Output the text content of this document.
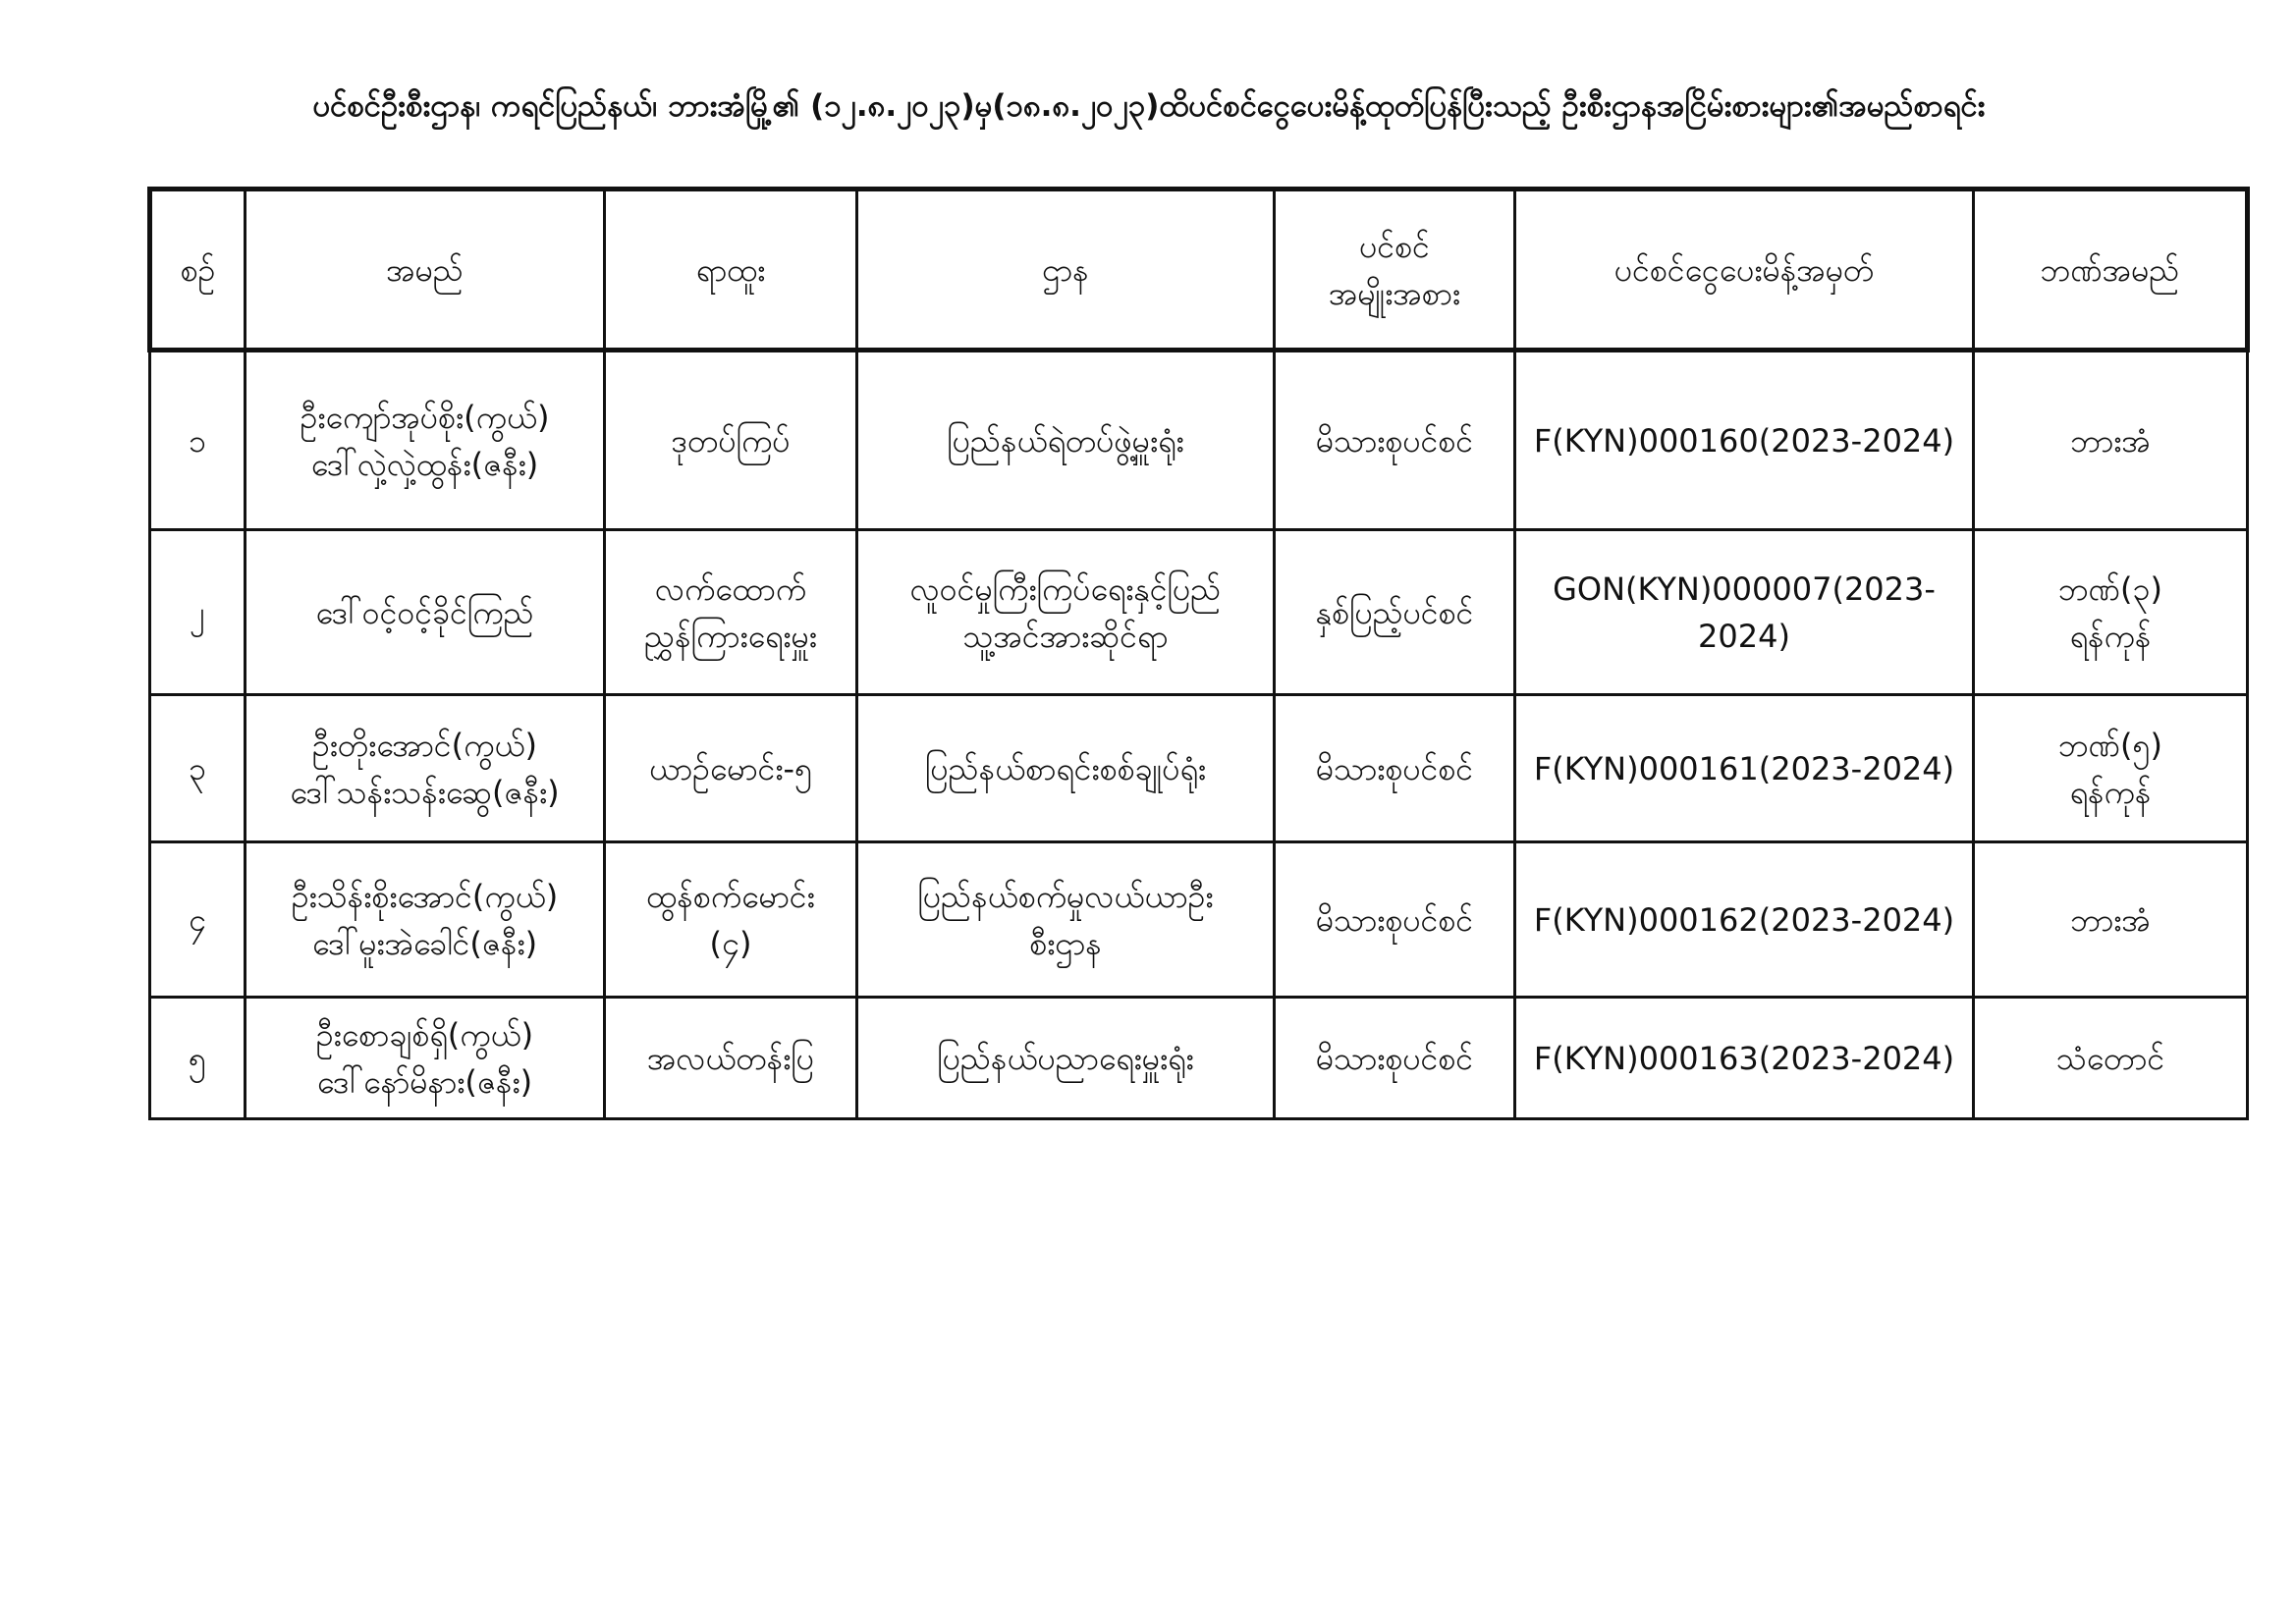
ပင်စင်ဦးစီးဌာန၊ ကရင်ပြည်နယ်၊ ဘားအံမြို့၏ (၁၂.၈.၂၀၂၃)မှ(၁၈.၈.၂၀၂၃)ထိပင်စင်ငွေပေးမိန့်ထုတ်ပြန်ပြီးသည့် ဦးစီးဌာနအငြိမ်းစားများ၏အမည်စာရင်း
စဉ်	အမည်	ရာထူး	ဌာန	ပင်စင်
အမျိုးအစား	ပင်စင်ငွေပေးမိန့်အမှတ်	ဘဏ်အမည်
၁	ဦးကျော်အုပ်စိုး(ကွယ်)
ဒေါ်လှဲ့လှဲ့ထွန်း(ဇနီး)	ဒုတပ်ကြပ်	ပြည်နယ်ရဲတပ်ဖွဲ့မှူးရုံး	မိသားစုပင်စင်	F(KYN)000160(2023-2024)	ဘားအံ

၂	ဒေါ်ဝင့်ဝင့်ခိုင်ကြည်	လက်ထောက်
ညွှန်ကြားရေးမှူး	လူဝင်မှုကြီးကြပ်ရေးနှင့်ပြည်
သူ့အင်အားဆိုင်ရာ	နှစ်ပြည့်ပင်စင်	GON(KYN)000007(2023-2024)	ဘဏ်(၃)
ရန်ကုန်

၃	ဦးတိုးအောင်(ကွယ်)
ဒေါ်သန်းသန်းဆွေ(ဇနီး)	ယာဉ်မောင်း-၅	ပြည်နယ်စာရင်းစစ်ချုပ်ရုံး	မိသားစုပင်စင်	F(KYN)000161(2023-2024)	ဘဏ်(၅)
ရန်ကုန်

၄	ဦးသိန်းစိုးအောင်(ကွယ်)
ဒေါ်မူးအဲခေါင်(ဇနီး)	ထွန်စက်မောင်း
(၄)	ပြည်နယ်စက်မှုလယ်ယာဦး
စီးဌာန	မိသားစုပင်စင်	F(KYN)000162(2023-2024)	ဘားအံ

၅	ဦးစောချစ်ရှိ(ကွယ်)
ဒေါ်နော်မိနား(ဇနီး)	အလယ်တန်းပြ	ပြည်နယ်ပညာရေးမှူးရုံး	မိသားစုပင်စင်	F(KYN)000163(2023-2024)	သံတောင်
